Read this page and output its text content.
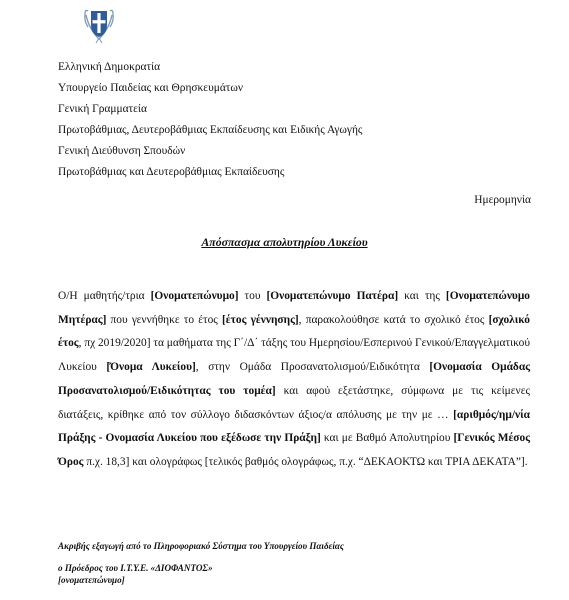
Ελληνική Δημοκρατία
Υπουργείο Παιδείας και Θρησκευμάτων
Γενική Γραμματεία
Πρωτοβάθμιας, Δευτεροβάθμιας Εκπαίδευσης και Ειδικής Αγωγής
Γενική Διεύθυνση Σπουδών
Πρωτοβάθμιας και Δευτεροβάθμιας Εκπαίδευσης
Ημερομηνία
Απόσπασμα απολυτηρίου Λυκείου
Ο/Η μαθητής/τρια [Ονοματεπώνυμο] του [Ονοματεπώνυμο Πατέρα] και της [Ονοματεπώνυμο Μητέρας] που γεννήθηκε το έτος [έτος γέννησης], παρακολούθησε κατά το σχολικό έτος [σχολικό έτος, πχ 2019/2020] τα μαθήματα της Γ΄/Δ΄ τάξης του Ημερησίου/Εσπερινού Γενικού/Επαγγελματικού Λυκείου [Όνομα Λυκείου], στην Ομάδα Προσανατολισμού/Ειδικότητα [Ονομασία Ομάδας Προσανατολισμού/Ειδικότητας του τομέα] και αφού εξετάστηκε, σύμφωνα με τις κείμενες διατάξεις, κρίθηκε από τον σύλλογο διδασκόντων άξιος/α απόλυσης με την με … [αριθμός/ημ/νία Πράξης - Ονομασία Λυκείου που εξέδωσε την Πράξη] και με Βαθμό Απολυτηρίου [Γενικός Μέσος Όρος π.χ. 18,3] και ολογράφως [τελικός βαθμός ολογράφως, π.χ. “ΔΕΚΑΟΚΤΩ και ΤΡΙΑ ΔΕΚΑΤΑ”].
Ακριβής εξαγωγή από το Πληροφοριακό Σύστημα του Υπουργείου Παιδείας
ο Πρόεδρος του Ι.Τ.Υ.Ε. «ΔΙΟΦΑΝΤΟΣ»
[ονοματεπώνυμο]
